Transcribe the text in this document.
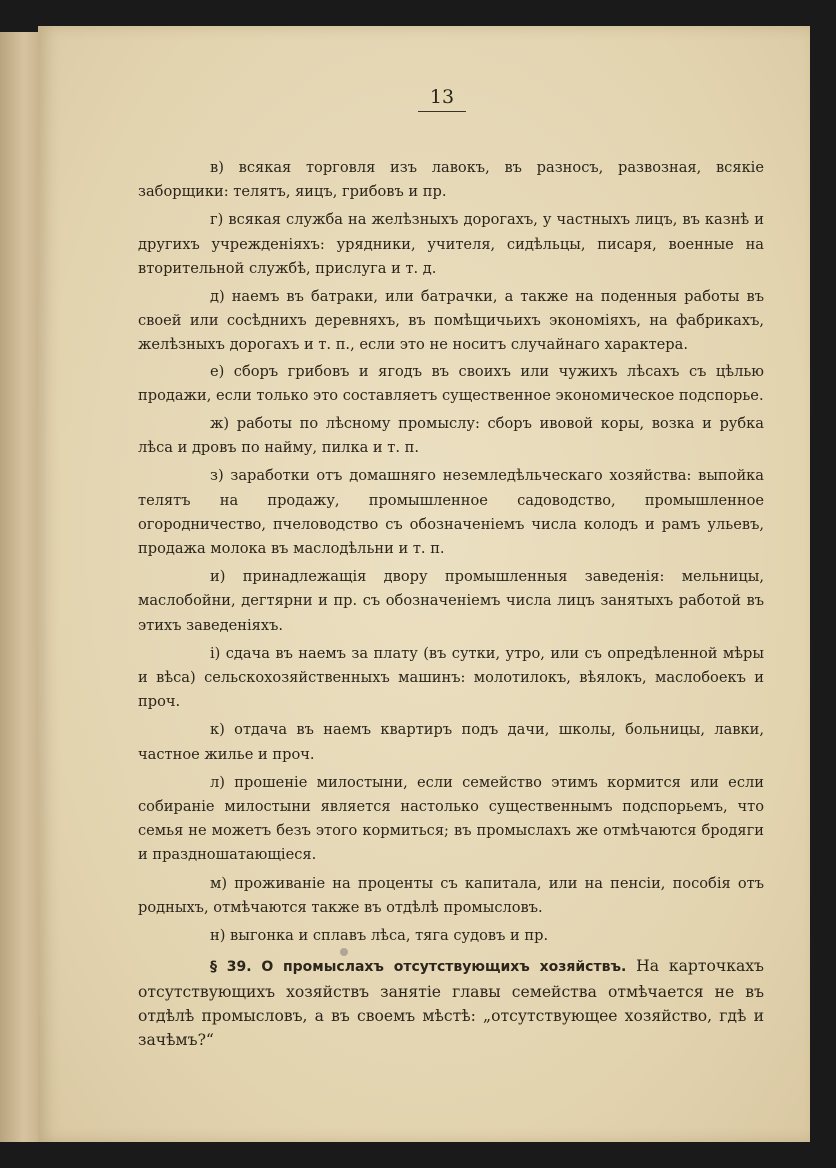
13

в) всякая торговля изъ лавокъ, въ разносъ, развозная, всякіе заборщики: телятъ, яицъ, грибовъ и пр.

г) всякая служба на желѣзныхъ дорогахъ, у частныхъ лицъ, въ казнѣ и другихъ учрежденіяхъ: урядники, учителя, сидѣльцы, писаря, военные на вторительной службѣ, прислуга и т. д.

д) наемъ въ батраки, или батрачки, а также на поденныя работы въ своей или сосѣднихъ деревняхъ, въ помѣщичьихъ экономіяхъ, на фабрикахъ, желѣзныхъ дорогахъ и т. п., если это не носитъ случайнаго характера.

е) сборъ грибовъ и ягодъ въ своихъ или чужихъ лѣсахъ съ цѣлью продажи, если только это составляетъ существенное экономическое подспорье.

ж) работы по лѣсному промыслу: сборъ ивовой коры, возка и рубка лѣса и дровъ по найму, пилка и т. п.

з) заработки отъ домашняго неземледѣльческаго хозяйства: выпойка телятъ на продажу, промышленное садоводство, промышленное огородничество, пчеловодство съ обозначеніемъ числа колодъ и рамъ ульевъ, продажа молока въ маслодѣльни и т. п.

и) принадлежащія двору промышленныя заведенія: мельницы, маслобойни, дегтярни и пр. съ обозначеніемъ числа лицъ занятыхъ работой въ этихъ заведеніяхъ.

і) сдача въ наемъ за плату (въ сутки, утро, или съ опредѣленной мѣры и вѣса) сельскохозяйственныхъ машинъ: молотилокъ, вѣялокъ, маслобоекъ и проч.

к) отдача въ наемъ квартиръ подъ дачи, школы, больницы, лавки, частное жилье и проч.

л) прошеніе милостыни, если семейство этимъ кормится или если собираніе милостыни является настолько существеннымъ подспорьемъ, что семья не можетъ безъ этого кормиться; въ промыслахъ же отмѣчаются бродяги и праздношатающіеся.

м) проживаніе на проценты съ капитала, или на пенсіи, пособія отъ родныхъ, отмѣчаются также въ отдѣлѣ промысловъ.

н) выгонка и сплавъ лѣса, тяга судовъ и пр.

§ 39. О промыслахъ отсутствующихъ хозяйствъ. На карточкахъ отсутствующихъ хозяйствъ занятіе главы семейства отмѣчается не въ отдѣлѣ промысловъ, а въ своемъ мѣстѣ: „отсутствующее хозяйство, гдѣ и зачѣмъ?“
